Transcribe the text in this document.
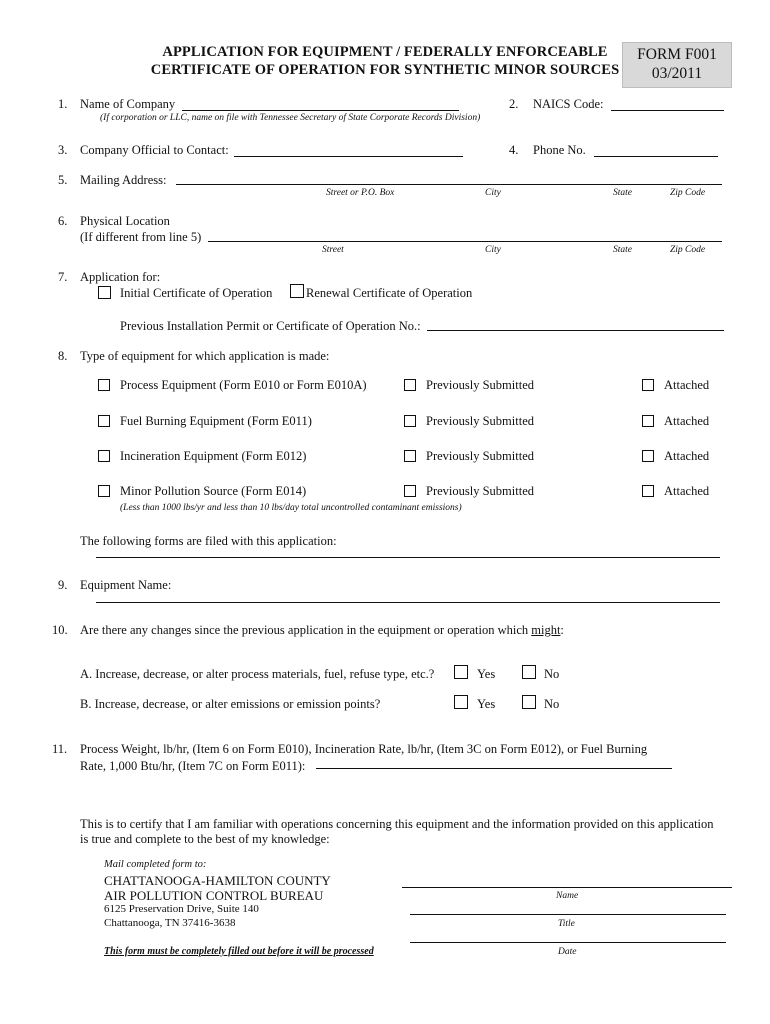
APPLICATION FOR EQUIPMENT / FEDERALLY ENFORCEABLE
CERTIFICATE OF OPERATION FOR SYNTHETIC MINOR SOURCES
FORM F001
03/2011
1. Name of Company
(If corporation or LLC, name on file with Tennessee Secretary of State Corporate Records Division)
2. NAICS Code:
3. Company Official to Contact:	4. Phone No.
5. Mailing Address:
Street or P.O. Box	City	State	Zip Code
6. Physical Location
(If different from line 5)
Street	City	State	Zip Code
7. Application for:
Initial Certificate of Operation	Renewal Certificate of Operation
Previous Installation Permit or Certificate of Operation No.:
8. Type of equipment for which application is made:
Process Equipment (Form E010 or Form E010A)	Previously Submitted	Attached
Fuel Burning Equipment (Form E011)	Previously Submitted	Attached
Incineration Equipment (Form E012)	Previously Submitted	Attached
Minor Pollution Source (Form E014)	Previously Submitted	Attached
(Less than 1000 lbs/yr and less than 10 lbs/day total uncontrolled contaminant emissions)
The following forms are filed with this application:
9. Equipment Name:
10. Are there any changes since the previous application in the equipment or operation which might:
A. Increase, decrease, or alter process materials, fuel, refuse type, etc.?	Yes	No
B. Increase, decrease, or alter emissions or emission points?	Yes	No
11. Process Weight, lb/hr, (Item 6 on Form E010), Incineration Rate, lb/hr, (Item 3C on Form E012), or Fuel Burning
Rate, 1,000 Btu/hr, (Item 7C on Form E011):
This is to certify that I am familiar with operations concerning this equipment and the information provided on this application
is true and complete to the best of my knowledge:
Mail completed form to:
CHATTANOOGA-HAMILTON COUNTY
AIR POLLUTION CONTROL BUREAU
6125 Preservation Drive, Suite 140
Chattanooga, TN 37416-3638
This form must be completely filled out before it will be processed
Name
Title
Date
